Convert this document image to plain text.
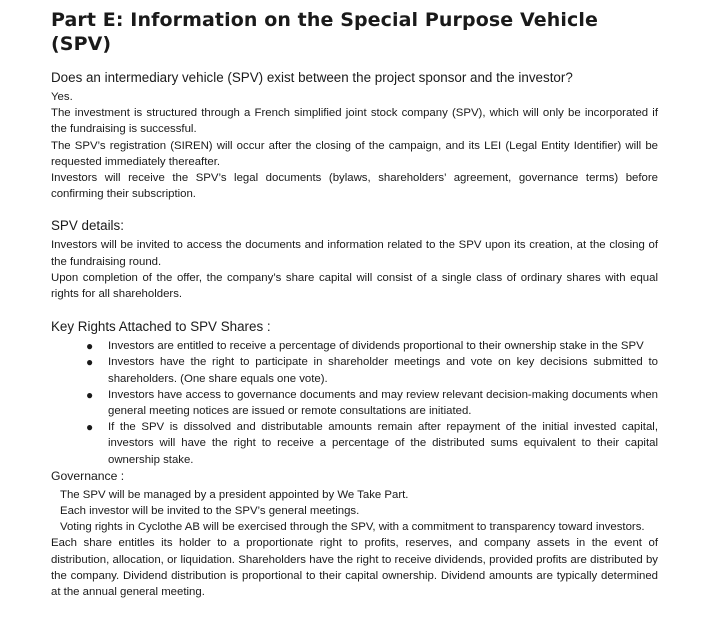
Part E: Information on the Special Purpose Vehicle (SPV)
Does an intermediary vehicle (SPV) exist between the project sponsor and the investor?

Yes.

The investment is structured through a French simplified joint stock company (SPV), which will only be incorporated if the fundraising is successful.

The SPV’s registration (SIREN) will occur after the closing of the campaign, and its LEI (Legal Entity Identifier) will be requested immediately thereafter.

Investors will receive the SPV’s legal documents (bylaws, shareholders’ agreement, governance terms) before confirming their subscription.

SPV details:

Investors will be invited to access the documents and information related to the SPV upon its creation, at the closing of the fundraising round.

Upon completion of the offer, the company’s share capital will consist of a single class of ordinary shares with equal rights for all shareholders.

Key Rights Attached to SPV Shares :
● Investors are entitled to receive a percentage of dividends proportional to their ownership stake in the SPV
● Investors have the right to participate in shareholder meetings and vote on key decisions submitted to shareholders. (One share equals one vote).
● Investors have access to governance documents and may review relevant decision-making documents when general meeting notices are issued or remote consultations are initiated.
● If the SPV is dissolved and distributable amounts remain after repayment of the initial invested capital, investors will have the right to receive a percentage of the distributed sums equivalent to their capital ownership stake.
Governance :

The SPV will be managed by a president appointed by We Take Part.

Each investor will be invited to the SPV’s general meetings.

Voting rights in Cyclothe AB will be exercised through the SPV, with a commitment to transparency toward investors.

Each share entitles its holder to a proportionate right to profits, reserves, and company assets in the event of distribution, allocation, or liquidation. Shareholders have the right to receive dividends, provided profits are distributed by the company. Dividend distribution is proportional to their capital ownership. Dividend amounts are typically determined at the annual general meeting.
